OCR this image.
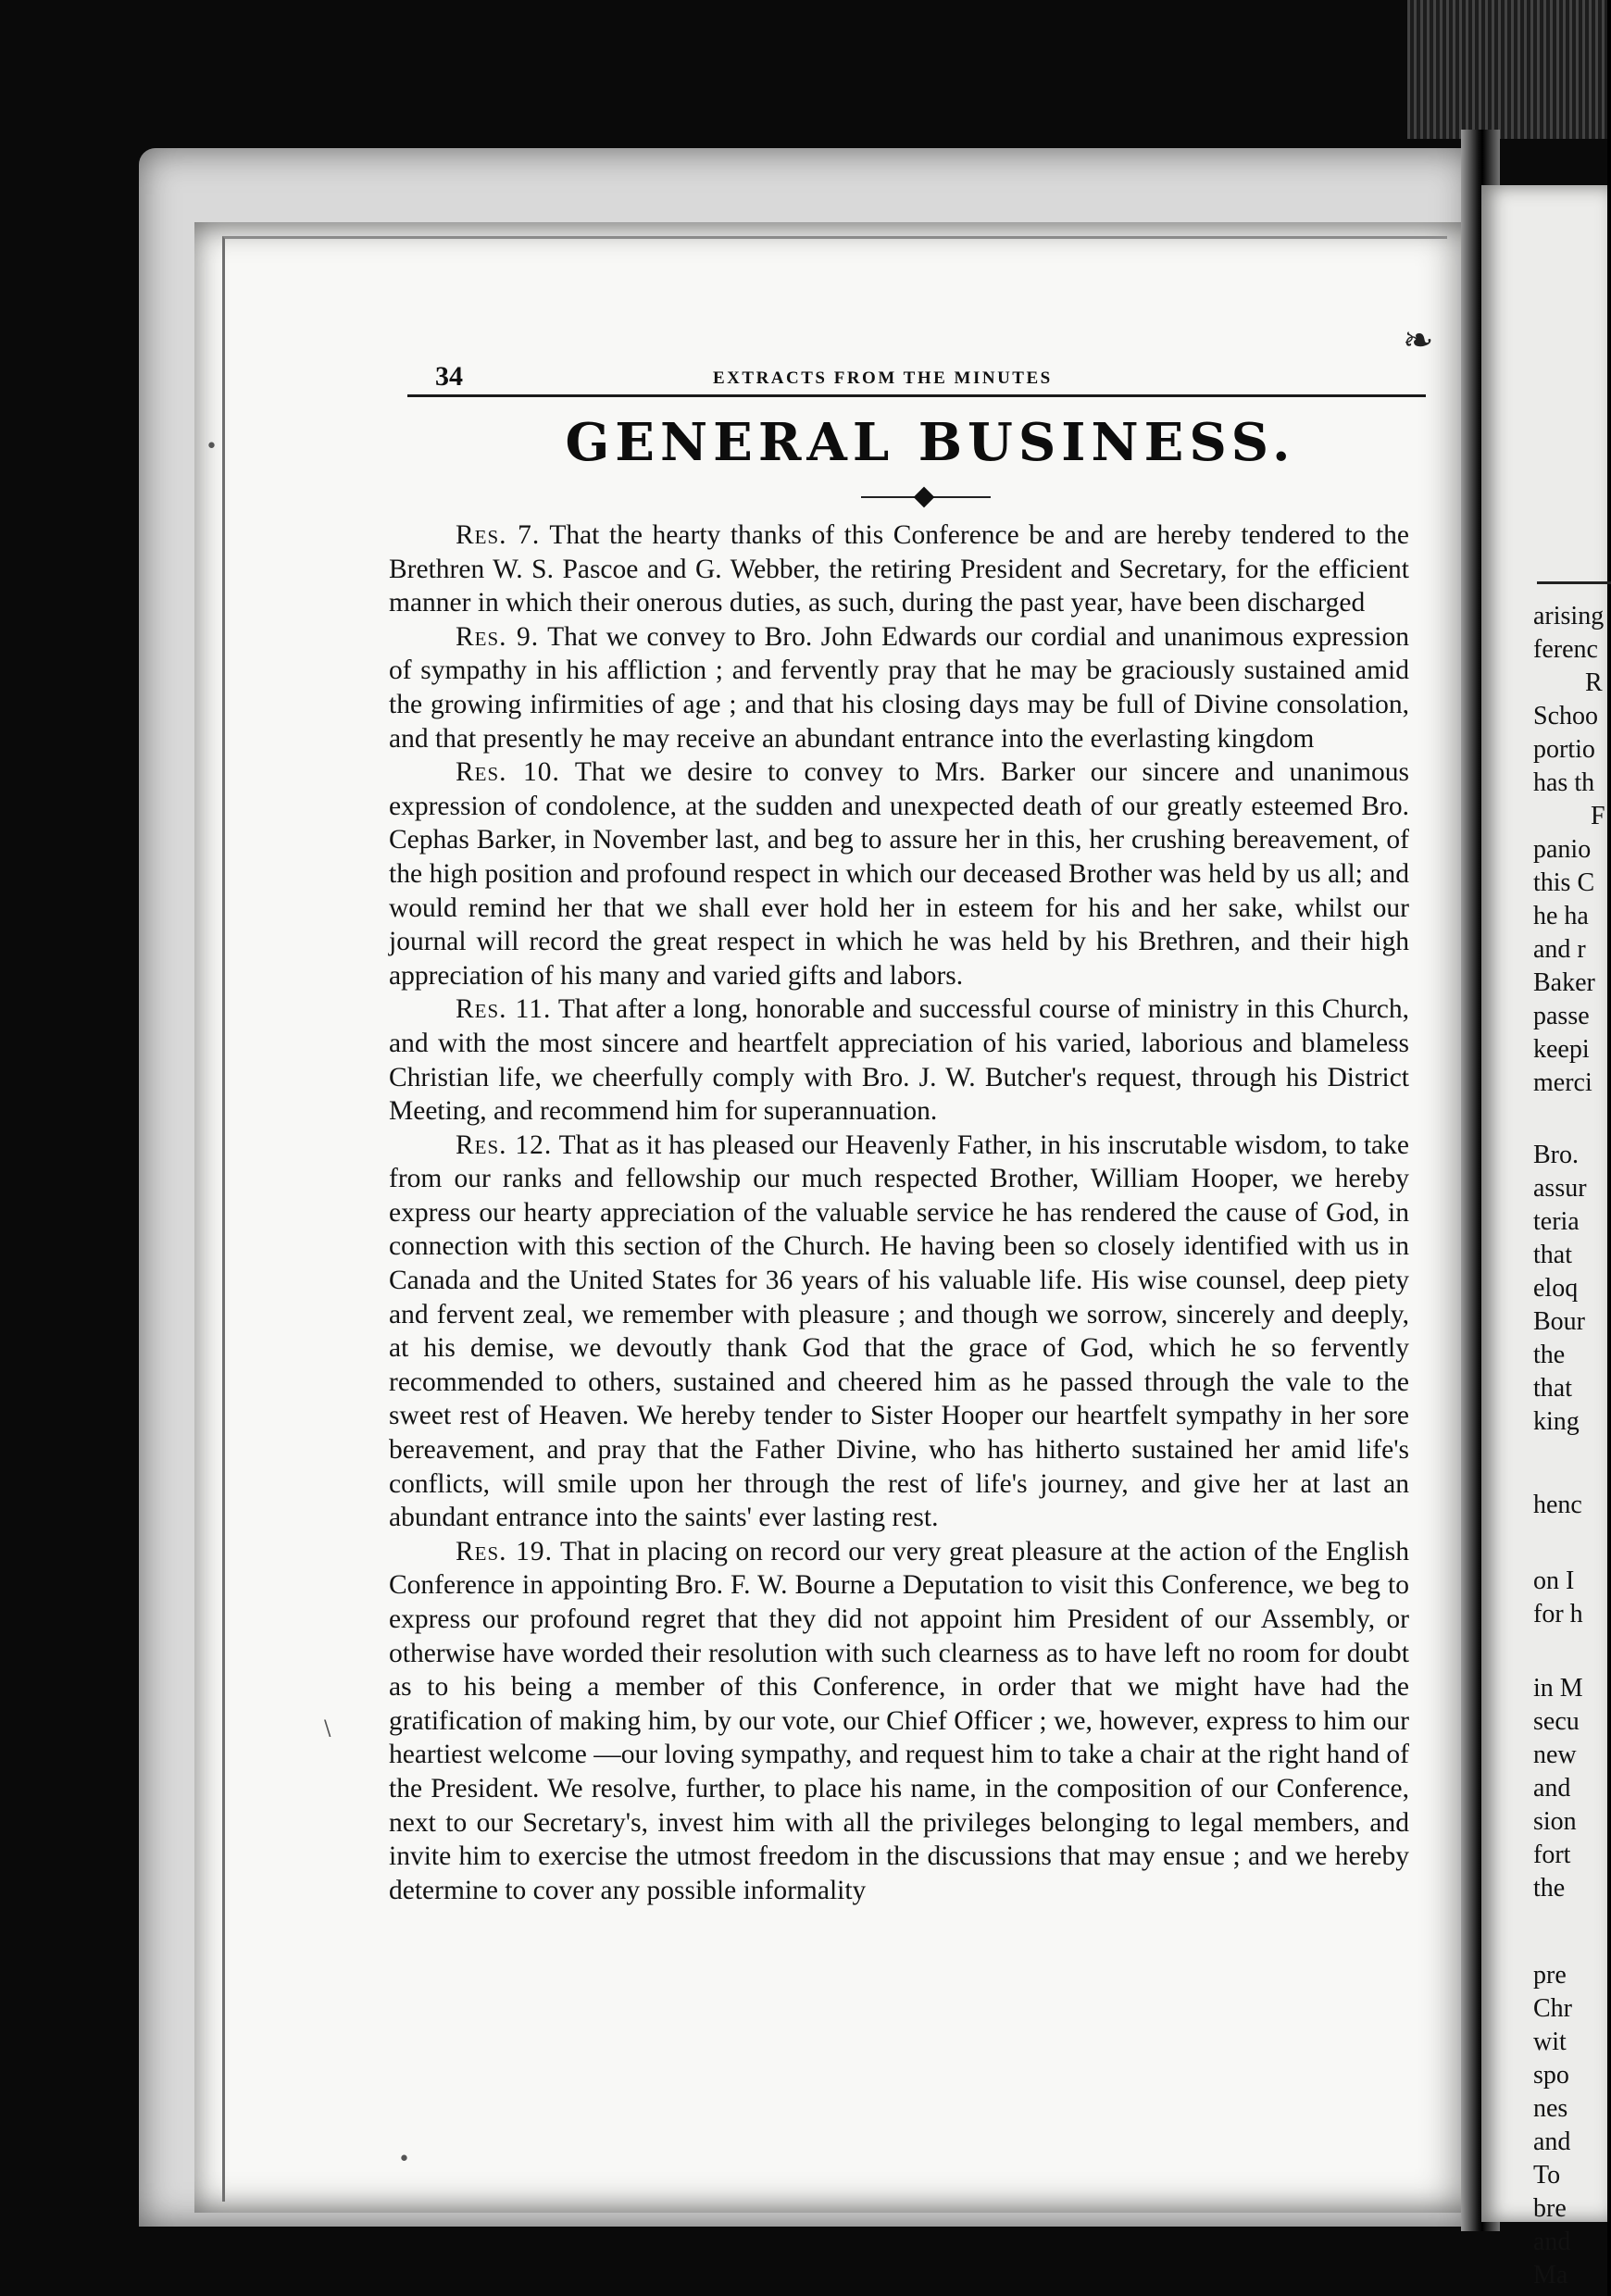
arising
ferenc
R
Schoo
portio
has th
F
panio
this C
he ha
and r
Baker
passe
keepi
merci
Bro.
assur
teria
that
eloq
Bour
the
that
king
henc
on I
for h
in M
secu
new
and
sion
fort
the
pre
Chr
wit
spo
nes
and
To
bre
and
Ma
34	EXTRACTS FROM THE MINUTES
❧
GENERAL BUSINESS.

Res. 7. That the hearty thanks of this Conference be and are hereby tendered to the Brethren W. S. Pascoe and G. Webber, the retiring President and Secretary, for the efficient manner in which their onerous duties, as such, during the past year, have been discharged

Res. 9. That we convey to Bro. John Edwards our cordial and unanimous expression of sympathy in his affliction ; and fervently pray that he may be graciously sustained amid the growing infirmities of age ; and that his closing days may be full of Divine consolation, and that presently he may receive an abundant entrance into the everlasting kingdom

Res. 10. That we desire to convey to Mrs. Barker our sincere and unanimous expression of condolence, at the sudden and unexpected death of our greatly esteemed Bro. Cephas Barker, in November last, and beg to assure her in this, her crushing bereavement, of the high position and profound respect in which our deceased Brother was held by us all; and would remind her that we shall ever hold her in esteem for his and her sake, whilst our journal will record the great respect in which he was held by his Brethren, and their high appreciation of his many and varied gifts and labors.

Res. 11. That after a long, honorable and successful course of ministry in this Church, and with the most sincere and heartfelt appreciation of his varied, laborious and blameless Christian life, we cheerfully comply with Bro. J. W. Butcher's request, through his District Meeting, and recommend him for superannuation.

Res. 12. That as it has pleased our Heavenly Father, in his inscrutable wisdom, to take from our ranks and fellowship our much respected Brother, William Hooper, we hereby express our hearty appreciation of the valuable service he has rendered the cause of God, in connection with this section of the Church. He having been so closely identified with us in Canada and the United States for 36 years of his valuable life. His wise counsel, deep piety and fervent zeal, we remember with pleasure ; and though we sorrow, sincerely and deeply, at his demise, we devoutly thank God that the grace of God, which he so fervently recommended to others, sustained and cheered him as he passed through the vale to the sweet rest of Heaven. We hereby tender to Sister Hooper our heartfelt sympathy in her sore bereavement, and pray that the Father Divine, who has hitherto sustained her amid life's conflicts, will smile upon her through the rest of life's journey, and give her at last an abundant entrance into the saints' ever lasting rest.

Res. 19. That in placing on record our very great pleasure at the action of the English Conference in appointing Bro. F. W. Bourne a Deputation to visit this Conference, we beg to express our profound regret that they did not appoint him President of our Assembly, or otherwise have worded their resolution with such clearness as to have left no room for doubt as to his being a member of this Conference, in order that we might have had the gratification of making him, by our vote, our Chief Officer ; we, however, express to him our heartiest welcome —our loving sympathy, and request him to take a chair at the right hand of the President. We resolve, further, to place his name, in the composition of our Conference, next to our Secretary's, invest him with all the privileges belonging to legal members, and invite him to exercise the utmost freedom in the discussions that may ensue ; and we hereby determine to cover any possible informality

•
\
•
